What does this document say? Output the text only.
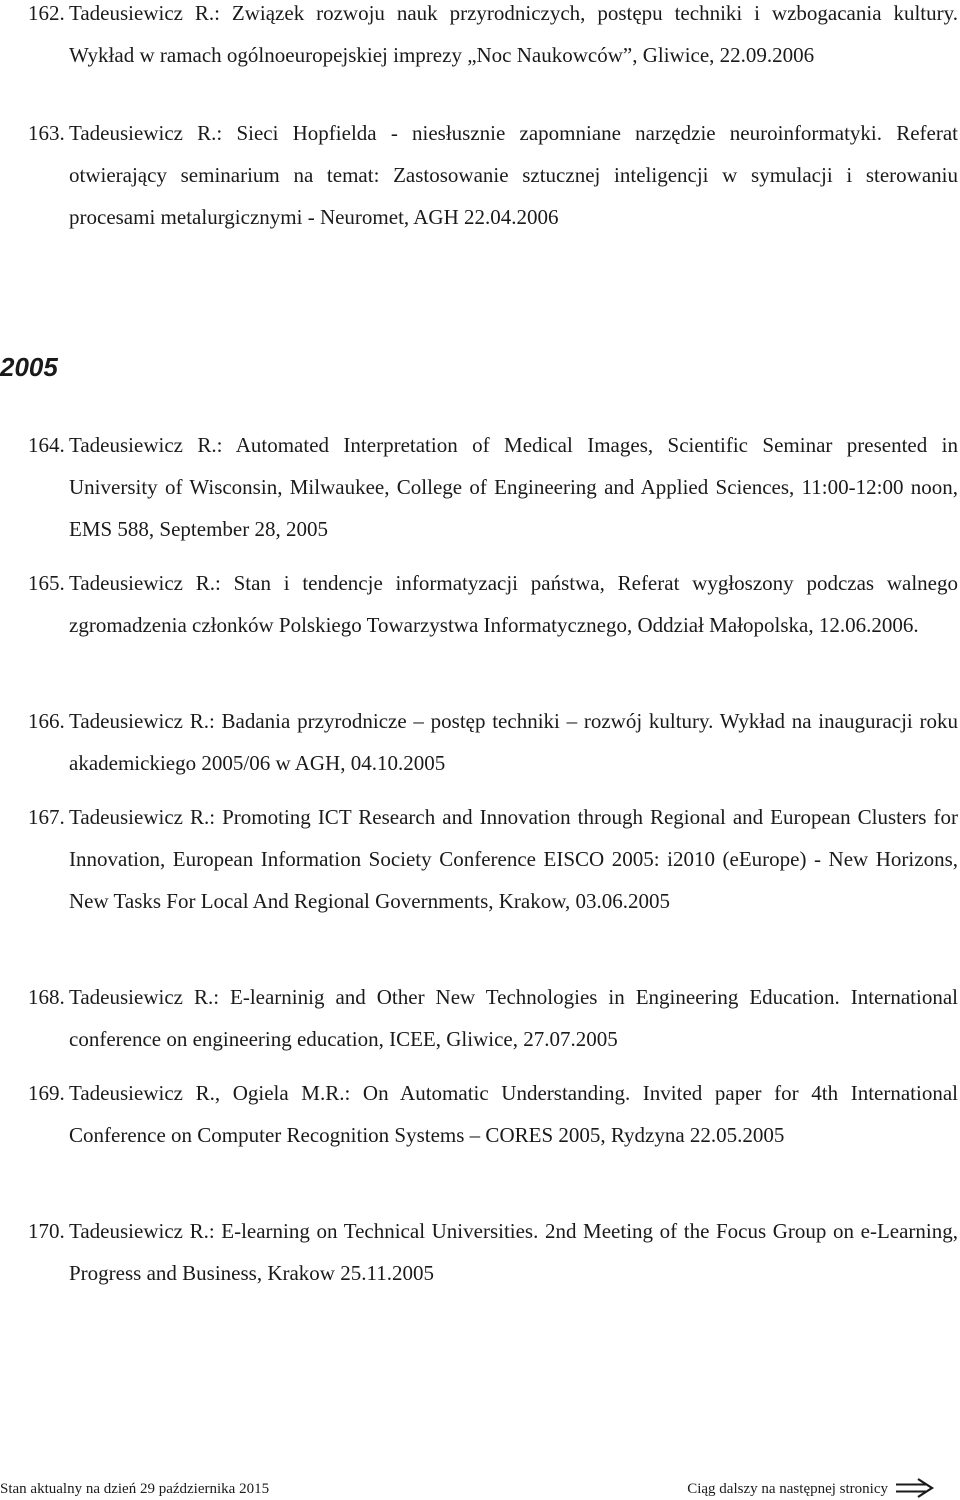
162. Tadeusiewicz R.: Związek rozwoju nauk przyrodniczych, postępu techniki i wzbogacania kultury. Wykład w ramach ogólnoeuropejskiej imprezy „Noc Naukowców”, Gliwice, 22.09.2006

163. Tadeusiewicz R.: Sieci Hopfielda - niesłusznie zapomniane narzędzie neuroinformatyki. Referat otwierający seminarium na temat: Zastosowanie sztucznej inteligencji w symulacji i sterowaniu procesami metalurgicznymi - Neuromet, AGH 22.04.2006

2005

164. Tadeusiewicz R.: Automated Interpretation of Medical Images, Scientific Seminar presented in University of Wisconsin, Milwaukee, College of Engineering and Applied Sciences, 11:00-12:00 noon, EMS 588, September 28, 2005

165. Tadeusiewicz R.: Stan i tendencje informatyzacji państwa, Referat wygłoszony podczas walnego zgromadzenia członków Polskiego Towarzystwa Informatycznego, Oddział Małopolska, 12.06.2006.

166. Tadeusiewicz R.: Badania przyrodnicze – postęp techniki – rozwój kultury. Wykład na inauguracji roku akademickiego 2005/06 w AGH, 04.10.2005

167. Tadeusiewicz R.: Promoting ICT Research and Innovation through Regional and European Clusters for Innovation, European Information Society Conference EISCO 2005: i2010 (eEurope) - New Horizons, New Tasks For Local And Regional Governments, Krakow, 03.06.2005

168. Tadeusiewicz R.: E-learninig and Other New Technologies in Engineering Education. International conference on engineering education, ICEE, Gliwice, 27.07.2005

169. Tadeusiewicz R., Ogiela M.R.: On Automatic Understanding. Invited paper for 4th International Conference on Computer Recognition Systems – CORES 2005, Rydzyna 22.05.2005

170. Tadeusiewicz R.: E-learning on Technical Universities. 2nd Meeting of the Focus Group on e-Learning, Progress and Business, Krakow 25.11.2005

Stan aktualny na dzień 29 października 2015	Ciąg dalszy na następnej stronicy
